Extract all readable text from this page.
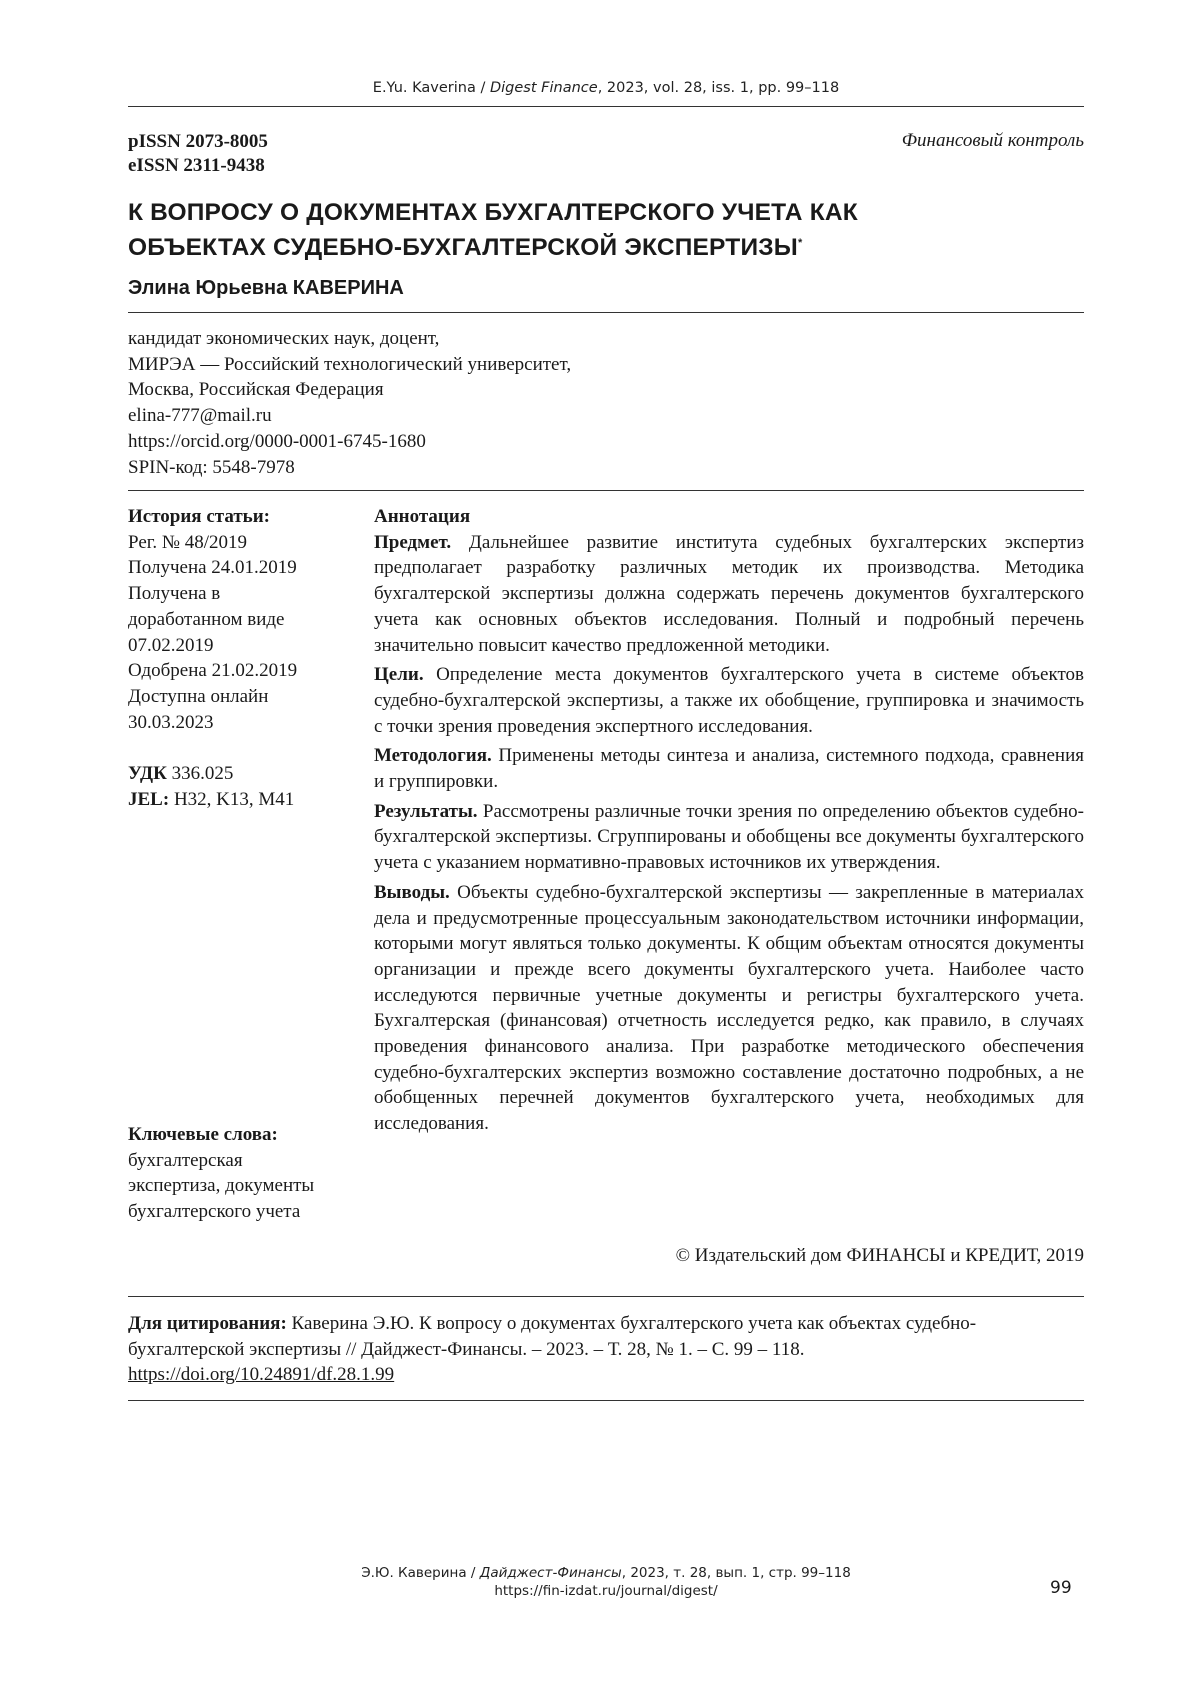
E.Yu. Kaverina / Digest Finance, 2023, vol. 28, iss. 1, pp. 99–118
pISSN 2073-8005
eISSN 2311-9438
Финансовый контроль
К ВОПРОСУ О ДОКУМЕНТАХ БУХГАЛТЕРСКОГО УЧЕТА КАК
ОБЪЕКТАХ СУДЕБНО-БУХГАЛТЕРСКОЙ ЭКСПЕРТИЗЫ*
Элина Юрьевна КАВЕРИНА
кандидат экономических наук, доцент,
МИРЭА — Российский технологический университет,
Москва, Российская Федерация
elina-777@mail.ru
https://orcid.org/0000-0001-6745-1680
SPIN-код: 5548-7978
История статьи:
Рег. № 48/2019
Получена 24.01.2019
Получена в
доработанном виде
07.02.2019
Одобрена 21.02.2019
Доступна онлайн
30.03.2023
УДК 336.025
JEL: H32, K13, M41
Ключевые слова:
бухгалтерская
экспертиза, документы
бухгалтерского учета

Аннотация

Предмет. Дальнейшее развитие института судебных бухгалтерских экспертиз предполагает разработку различных методик их производства. Методика бухгалтерской экспертизы должна содержать перечень документов бухгалтерского учета как основных объектов исследования. Полный и подробный перечень значительно повысит качество предложенной методики.

Цели. Определение места документов бухгалтерского учета в системе объектов судебно-бухгалтерской экспертизы, а также их обобщение, группировка и значимость с точки зрения проведения экспертного исследования.

Методология. Применены методы синтеза и анализа, системного подхода, сравнения и группировки.

Результаты. Рассмотрены различные точки зрения по определению объектов судебно-бухгалтерской экспертизы. Сгруппированы и обобщены все документы бухгалтерского учета с указанием нормативно-правовых источников их утверждения.

Выводы. Объекты судебно-бухгалтерской экспертизы — закрепленные в материалах дела и предусмотренные процессуальным законодательством источники информации, которыми могут являться только документы. К общим объектам относятся документы организации и прежде всего документы бухгалтерского учета. Наиболее часто исследуются первичные учетные документы и регистры бухгалтерского учета. Бухгалтерская (финансовая) отчетность исследуется редко, как правило, в случаях проведения финансового анализа. При разработке методического обеспечения судебно-бухгалтерских экспертиз возможно составление достаточно подробных, а не обобщенных перечней документов бухгалтерского учета, необходимых для исследования.

© Издательский дом ФИНАНСЫ и КРЕДИТ, 2019
Для цитирования: Каверина Э.Ю. К вопросу о документах бухгалтерского учета как объектах судебно-бухгалтерской экспертизы // Дайджест-Финансы. – 2023. – Т. 28, № 1. – С. 99 – 118.
https://doi.org/10.24891/df.28.1.99
Э.Ю. Каверина / Дайджест-Финансы, 2023, т. 28, вып. 1, стр. 99–118
https://fin-izdat.ru/journal/digest/	99
